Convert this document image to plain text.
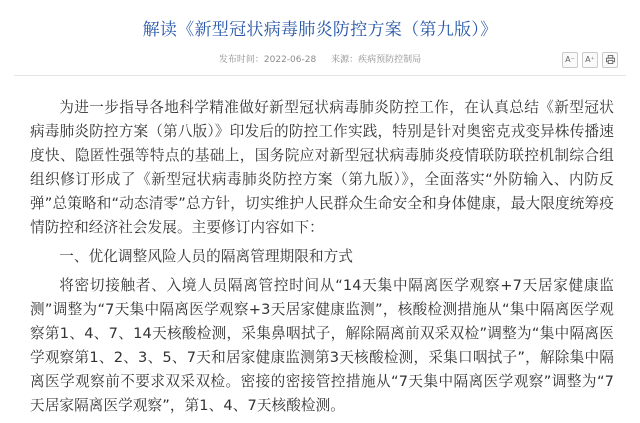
解读《新型冠状病毒肺炎防控方案（第九版）》
发布时间：2022-06-28 来源：疾病预防控制局	A⁻	A⁺

为进一步指导各地科学精准做好新型冠状病毒肺炎防控工作，在认真总结《新型冠状病毒肺炎防控方案（第八版）》印发后的防控工作实践，特别是针对奥密克戎变异株传播速度快、隐匿性强等特点的基础上，国务院应对新型冠状病毒肺炎疫情联防联控机制综合组组织修订形成了《新型冠状病毒肺炎防控方案（第九版）》，全面落实“外防输入、内防反弹”总策略和“动态清零”总方针，切实维护人民群众生命安全和身体健康，最大限度统筹疫情防控和经济社会发展。主要修订内容如下：

一、优化调整风险人员的隔离管理期限和方式

将密切接触者、入境人员隔离管控时间从“14天集中隔离医学观察+7天居家健康监测”调整为“7天集中隔离医学观察+3天居家健康监测”，核酸检测措施从“集中隔离医学观察第1、4、7、14天核酸检测，采集鼻咽拭子，解除隔离前双采双检”调整为“集中隔离医学观察第1、2、3、5、7天和居家健康监测第3天核酸检测，采集口咽拭子”，解除集中隔离医学观察前不要求双采双检。密接的密接管控措施从“7天集中隔离医学观察”调整为“7天居家隔离医学观察”，第1、4、7天核酸检测。
